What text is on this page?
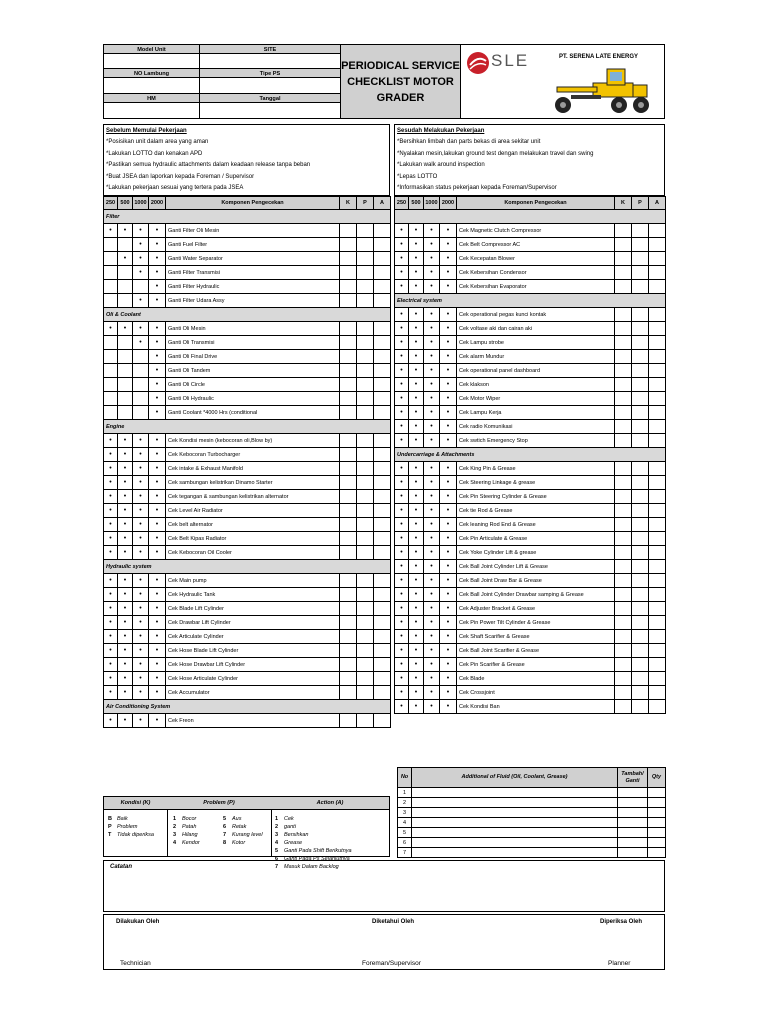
Model Unit	SITE
NO Lambung	Tipe PS
HM	Tanggal
PERIODICAL SERVICE
CHECKLIST MOTOR
GRADER
SLE	PT. SERENA LATE ENERGY
Sebelum Memulai Pekerjaan
*Posisikan unit dalam area yang aman
*Lakukan LOTTO dan kenakan APD
*Pastikan semua hydraulic attachments dalam keadaan release tanpa beban
*Buat JSEA dan laporkan kepada Foreman / Supervisor
*Lakukan pekerjaan sesuai yang tertera pada JSEA
Sesudah Melakukan Pekerjaan
*Bersihkan limbah dan parts bekas di area sekitar unit
*Nyalakan mesin,lakukan ground test dengan melakukan travel dan swing
*Lakukan walk around inspection
*Lepas LOTTO
*Informasikan status pekerjaan kepada Foreman/Supervisor
250	500	1000	2000	Komponen Pengecekan	K	P	A
Filter							
•	•	•	•	Ganti Filter Oli Mesin			
		•	•	Ganti Fuel Filter			
	•	•	•	Ganti Water Separator			
		•	•	Ganti Filter Transmisi			
			•	Ganti Filter Hydraulic			
		•	•	Ganti Filter Udara Assy			
Oli & Coolant							
•	•	•	•	Ganti Oli Mesin			
		•	•	Ganti Oli Transmisi			
			•	Ganti Oli Final Drive			
			•	Ganti Oli Tandem			
			•	Ganti Oli Circle			
			•	Ganti Oli Hydraulic			
			•	Ganti Coolant *4000 Hrs (conditional			
Engine							
•	•	•	•	Cek Kondisi mesin (kebocoran oli,Blow by)			
•	•	•	•	Cek Kebocoran Turbocharger			
•	•	•	•	Cek intake & Exhaust Manifold			
•	•	•	•	Cek sambungan kelistrikan Dinamo Starter			
•	•	•	•	Cek tegangan & sambungan kelistrikan alternator			
•	•	•	•	Cek Level Air Radiator			
•	•	•	•	Cek belt alternator			
•	•	•	•	Cek Belt Kipas Radiator			
•	•	•	•	Cek Kebocoran Oil Cooler			
Hydraulic system							
•	•	•	•	Cek Main pump			
•	•	•	•	Cek Hydraulic Tank			
•	•	•	•	Cek Blade Lift Cylinder			
•	•	•	•	Cek Drawbar Lift Cylinder			
•	•	•	•	Cek Articulate Cylinder			
•	•	•	•	Cek Hose Blade Lift Cylinder			
•	•	•	•	Cek Hose Drawbar Lift Cylinder			
•	•	•	•	Cek Hose Articulate Cylinder			
•	•	•	•	Cek Accumulator			
Air Conditioning System							
•	•	•	•	Cek Freon			
250	500	1000	2000	Komponen Pengecekan	K	P	A

•	•	•	•	Cek Magnetic Clutch Compressor			
•	•	•	•	Cek Belt Compressor AC			
•	•	•	•	Cek Kecepatan Blower			
•	•	•	•	Cek Kebersihan Condensor			
•	•	•	•	Cek Kebersihan Evaporator			
Electrical system							
•	•	•	•	Cek operational pegas kunci kontak			
•	•	•	•	Cek voltase aki dan cairan aki			
•	•	•	•	Cek Lampu strobe			
•	•	•	•	Cek alarm Mundur			
•	•	•	•	Cek operational panel dashboard			
•	•	•	•	Cek klakson			
•	•	•	•	Cek Motor Wiper			
•	•	•	•	Cek Lampu Kerja			
•	•	•	•	Cek radio Komunikasi			
•	•	•	•	Cek swtich Emergency Stop			
Undercarriage & Attachments							
•	•	•	•	Cek King Pin & Grease			
•	•	•	•	Cek Steering Linkage & grease			
•	•	•	•	Cek Pin Steering Cylinder & Grease			
•	•	•	•	Cek tie Rod & Grease			
•	•	•	•	Cek leaning Rod End & Grease			
•	•	•	•	Cek Pin Articulate & Grease			
•	•	•	•	Cek Yoke Cylinder Lift & grease			
•	•	•	•	Cek Ball Joint Cylinder Lift & Grease			
•	•	•	•	Cek Ball Joint Draw Bar & Grease			
•	•	•	•	Cek Ball Joint Cylinder Drawbar samping & Grease			
•	•	•	•	Cek Adjuster Bracket & Grease			
•	•	•	•	Cek Pin Power Tilt Cylinder & Grease			
•	•	•	•	Cek Shaft Scarifier & Grease			
•	•	•	•	Cek Ball Joint Scarifier & Grease			
•	•	•	•	Cek Pin Scarifier & Grease			
•	•	•	•	Cek Blade			
•	•	•	•	Cek Crossjoint			
•	•	•	•	Cek Kondisi Ban			
Kondisi (K)	Problem (P)	Action (A)
B Baik
P Problem
T	Tidak diperiksa
1	Bocor	5	Aus
2	Patah	6	Retak
3	Hilang	7	Kurang level
4	Kendor	8	Kotor
1	Cek
2	ganti
3	Bersihkan
4	Grease
5	Ganti Pada Shift Berikutnya
6	Ganti Pada Ps Selanjutnya
7	Masuk Dalam Backlog
No	Additional of Fluid (Oil, Coolant, Grease)	Tambah/ Ganti	Qty
1			
2			
3			
4			
5			
6			
7			
Catatan
Dilakukan Oleh	Diketahui Oleh	Diperiksa Oleh
Technician	Foreman/Supervisor	Planner
